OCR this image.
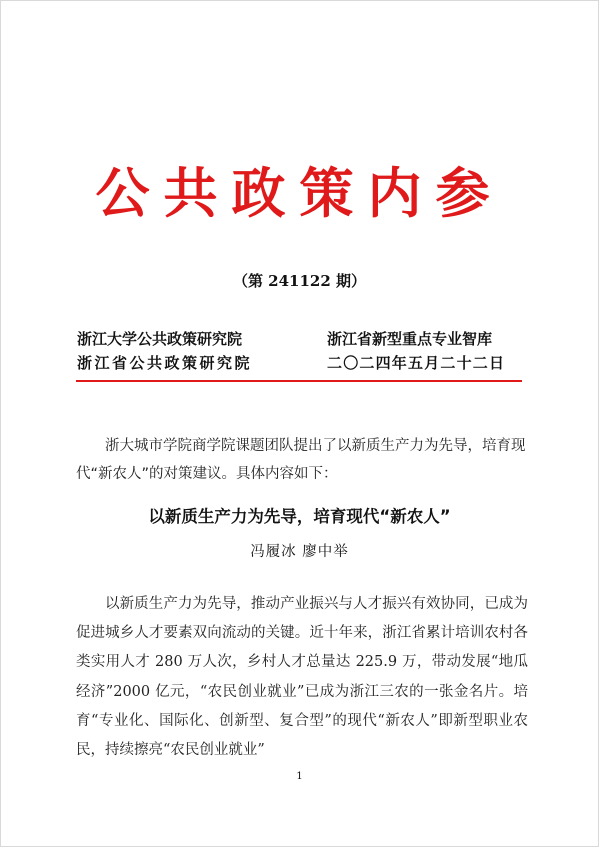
公共政策内参
（第 241122 期）
浙江大学公共政策研究院	浙江省新型重点专业智库
浙江省公共政策研究院	二〇二四年五月二十二日

浙大城市学院商学院课题团队提出了以新质生产力为先导，培育现代“新农人”的对策建议。具体内容如下：

以新质生产力为先导，培育现代“新农人”
冯履冰 廖中举

以新质生产力为先导，推动产业振兴与人才振兴有效协同，已成为促进城乡人才要素双向流动的关键。近十年来，浙江省累计培训农村各类实用人才 280 万人次，乡村人才总量达 225.9 万，带动发展“地瓜经济”2000 亿元，“农民创业就业”已成为浙江三农的一张金名片。培育“专业化、国际化、创新型、复合型”的现代“新农人”即新型职业农民，持续擦亮“农民创业就业”

1
